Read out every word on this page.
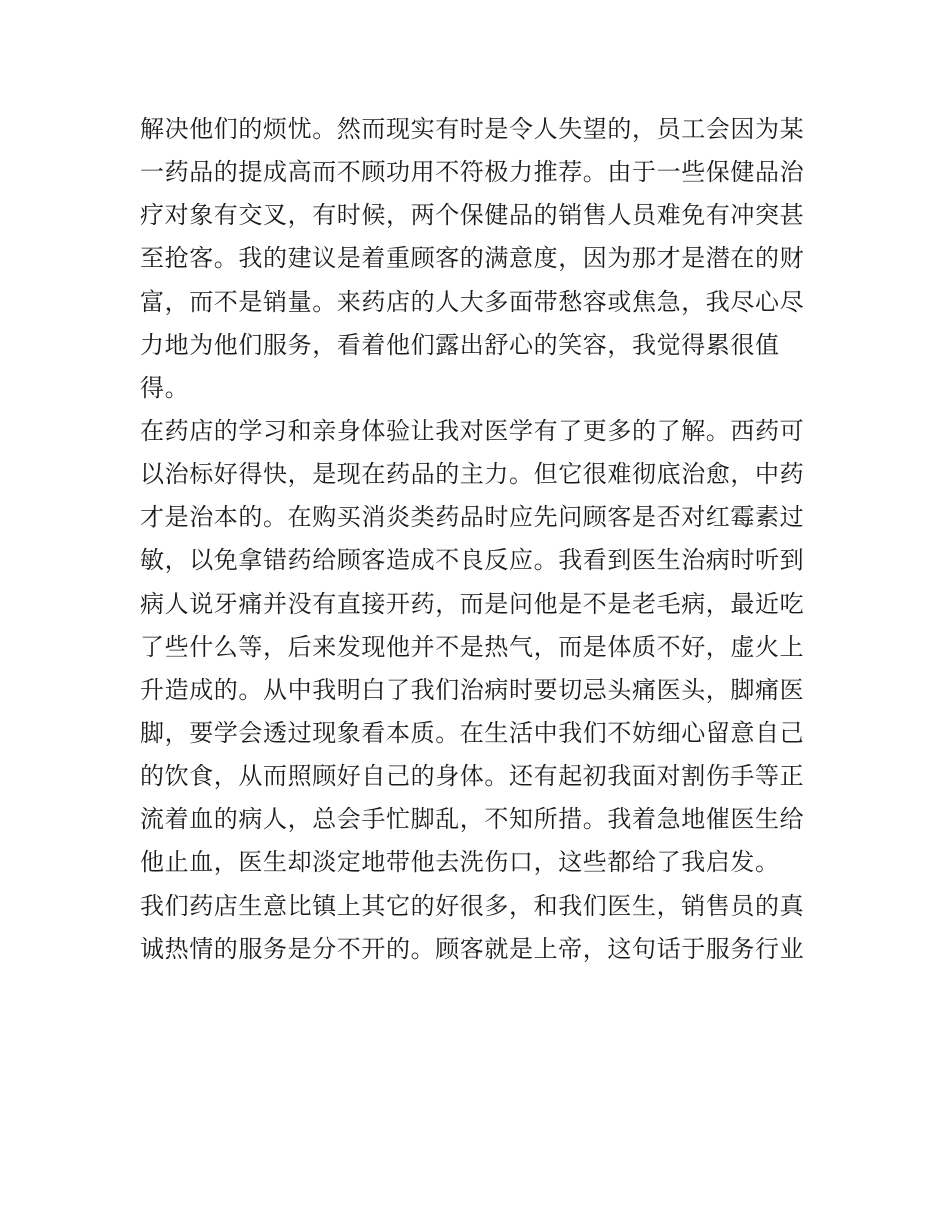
解决他们的烦忧。然而现实有时是令人失望的，员工会因为某
一药品的提成高而不顾功用不符极力推荐。由于一些保健品治
疗对象有交叉，有时候，两个保健品的销售人员难免有冲突甚
至抢客。我的建议是着重顾客的满意度，因为那才是潜在的财
富，而不是销量。来药店的人大多面带愁容或焦急，我尽心尽
力地为他们服务，看着他们露出舒心的笑容，我觉得累很值
得。
在药店的学习和亲身体验让我对医学有了更多的了解。西药可
以治标好得快，是现在药品的主力。但它很难彻底治愈，中药
才是治本的。在购买消炎类药品时应先问顾客是否对红霉素过
敏，以免拿错药给顾客造成不良反应。我看到医生治病时听到
病人说牙痛并没有直接开药，而是问他是不是老毛病，最近吃
了些什么等，后来发现他并不是热气，而是体质不好，虚火上
升造成的。从中我明白了我们治病时要切忌头痛医头，脚痛医
脚，要学会透过现象看本质。在生活中我们不妨细心留意自己
的饮食，从而照顾好自己的身体。还有起初我面对割伤手等正
流着血的病人，总会手忙脚乱，不知所措。我着急地催医生给
他止血，医生却淡定地带他去洗伤口，这些都给了我启发。
我们药店生意比镇上其它的好很多，和我们医生，销售员的真
诚热情的服务是分不开的。顾客就是上帝，这句话于服务行业
